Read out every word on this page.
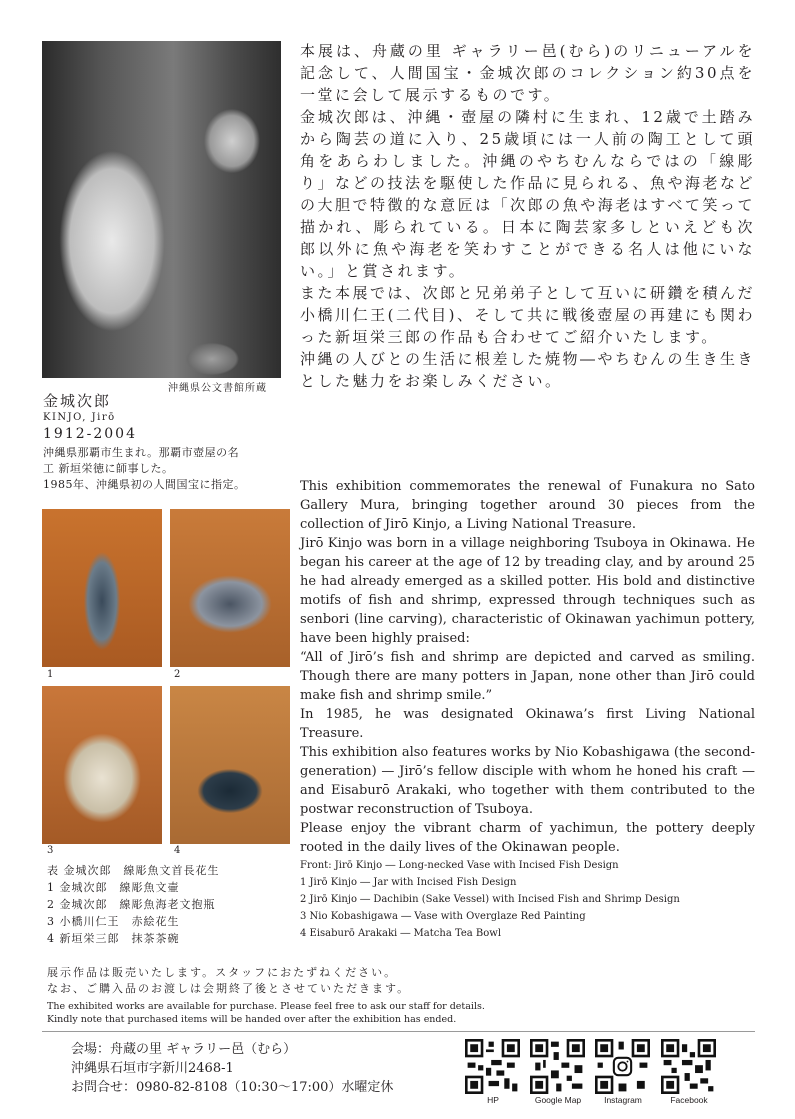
沖縄県公文書館所蔵
金城次郎
KINJO, Jirō
1912-2004
沖縄県那覇市生まれ。那覇市壺屋の名
工 新垣栄徳に師事した。
1985年、沖縄県初の人間国宝に指定。
1	2
3	4
表 金城次郎　線彫魚文首長花生
1 金城次郎　線彫魚文壷
2 金城次郎　線彫魚海老文抱瓶
3 小橋川仁王　赤絵花生
4 新垣栄三郎　抹茶茶碗

本展は、舟蔵の里 ギャラリー邑(むら)のリニューアルを記念して、人間国宝・金城次郎のコレクション約30点を一堂に会して展示するものです。

金城次郎は、沖縄・壺屋の隣村に生まれ、12歳で土踏みから陶芸の道に入り、25歳頃には一人前の陶工として頭角をあらわしました。沖縄のやちむんならではの「線彫り」などの技法を駆使した作品に見られる、魚や海老などの大胆で特徴的な意匠は「次郎の魚や海老はすべて笑って描かれ、彫られている。日本に陶芸家多しといえども次郎以外に魚や海老を笑わすことができる名人は他にいない。」と賞されます。

また本展では、次郎と兄弟弟子として互いに研鑽を積んだ小橋川仁王(二代目)、そして共に戦後壺屋の再建にも関わった新垣栄三郎の作品も合わせてご紹介いたします。

沖縄の人びとの生活に根差した焼物―やちむんの生き生きとした魅力をお楽しみください。

This exhibition commemorates the renewal of Funakura no Sato Gallery Mura, bringing together around 30 pieces from the collection of Jirō Kinjo, a Living National Treasure.

Jirō Kinjo was born in a village neighboring Tsuboya in Okinawa. He began his career at the age of 12 by treading clay, and by around 25 he had already emerged as a skilled potter. His bold and distinctive motifs of fish and shrimp, expressed through techniques such as senbori (line carving), characteristic of Okinawan yachimun pottery, have been highly praised:

“All of Jirō’s fish and shrimp are depicted and carved as smiling. Though there are many potters in Japan, none other than Jirō could make fish and shrimp smile.”

In 1985, he was designated Okinawa’s first Living National Treasure.

This exhibition also features works by Nio Kobashigawa (the second-generation) — Jirō’s fellow disciple with whom he honed his craft — and Eisaburō Arakaki, who together with them contributed to the postwar reconstruction of Tsuboya.

Please enjoy the vibrant charm of yachimun, the pottery deeply rooted in the daily lives of the Okinawan people.

Front: Jirō Kinjo ― Long-necked Vase with Incised Fish Design
1 Jirō Kinjo ― Jar with Incised Fish Design
2 Jirō Kinjo ― Dachibin (Sake Vessel) with Incised Fish and Shrimp Design
3 Nio Kobashigawa ― Vase with Overglaze Red Painting
4 Eisaburō Arakaki ― Matcha Tea Bowl
展示作品は販売いたします。スタッフにおたずねください。
なお、ご購入品のお渡しは会期終了後とさせていただきます。
The exhibited works are available for purchase. Please feel free to ask our staff for details.
Kindly note that purchased items will be handed over after the exhibition has ended.
会場：舟蔵の里 ギャラリー邑（むら）
沖縄県石垣市字新川2468-1
お問合せ：0980-82-8108（10:30〜17:00）水曜定休
HP	Google Map	Instagram	Facebook
